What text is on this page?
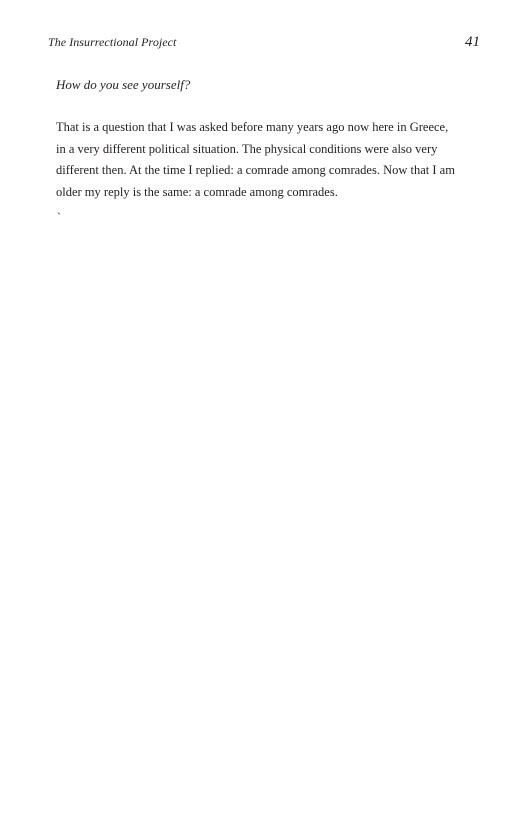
The Insurrectional Project	41
How do you see yourself?

That is a question that I was asked before many years ago now here in Greece,
in a very different political situation. The physical conditions were also very
different then. At the time I replied: a comrade among comrades. Now that I am
older my reply is the same: a comrade among comrades.

`
